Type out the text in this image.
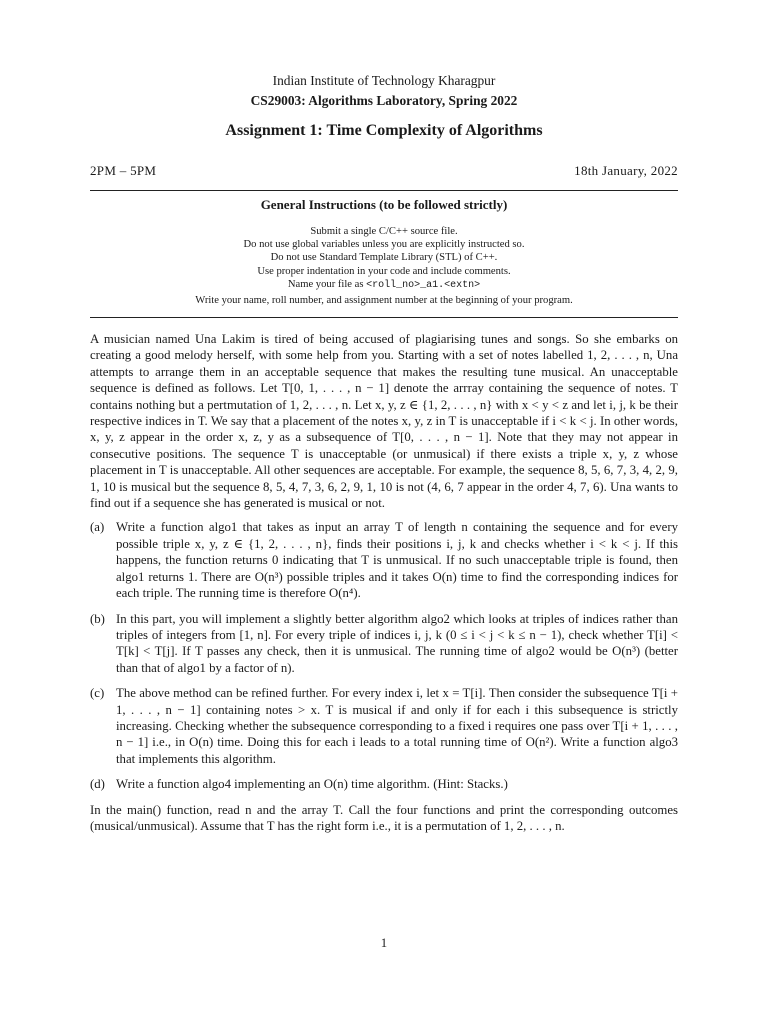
Indian Institute of Technology Kharagpur
CS29003: Algorithms Laboratory, Spring 2022
Assignment 1: Time Complexity of Algorithms
2PM – 5PM	18th January, 2022
General Instructions (to be followed strictly)
Submit a single C/C++ source file.
Do not use global variables unless you are explicitly instructed so.
Do not use Standard Template Library (STL) of C++.
Use proper indentation in your code and include comments.
Name your file as <roll_no>_a1.<extn>
Write your name, roll number, and assignment number at the beginning of your program.

A musician named Una Lakim is tired of being accused of plagiarising tunes and songs. So she embarks on creating a good melody herself, with some help from you. Starting with a set of notes labelled 1, 2, . . . , n, Una attempts to arrange them in an acceptable sequence that makes the resulting tune musical. An unacceptable sequence is defined as follows. Let T[0, 1, . . . , n − 1] denote the arrray containing the sequence of notes. T contains nothing but a pertmutation of 1, 2, . . . , n. Let x, y, z ∈ {1, 2, . . . , n} with x < y < z and let i, j, k be their respective indices in T. We say that a placement of the notes x, y, z in T is unacceptable if i < k < j. In other words, x, y, z appear in the order x, z, y as a subsequence of T[0, . . . , n − 1]. Note that they may not appear in consecutive positions. The sequence T is unacceptable (or unmusical) if there exists a triple x, y, z whose placement in T is unacceptable. All other sequences are acceptable. For example, the sequence 8, 5, 6, 7, 3, 4, 2, 9, 1, 10 is musical but the sequence 8, 5, 4, 7, 3, 6, 2, 9, 1, 10 is not (4, 6, 7 appear in the order 4, 7, 6). Una wants to find out if a sequence she has generated is musical or not.

(a) Write a function algo1 that takes as input an array T of length n containing the sequence and for every possible triple x, y, z ∈ {1, 2, . . . , n}, finds their positions i, j, k and checks whether i < k < j. If this happens, the function returns 0 indicating that T is unmusical. If no such unacceptable triple is found, then algo1 returns 1. There are O(n³) possible triples and it takes O(n) time to find the corresponding indices for each triple. The running time is therefore O(n⁴).
(b) In this part, you will implement a slightly better algorithm algo2 which looks at triples of indices rather than triples of integers from [1, n]. For every triple of indices i, j, k (0 ≤ i < j < k ≤ n − 1), check whether T[i] < T[k] < T[j]. If T passes any check, then it is unmusical. The running time of algo2 would be O(n³) (better than that of algo1 by a factor of n).
(c) The above method can be refined further. For every index i, let x = T[i]. Then consider the subsequence T[i + 1, . . . , n − 1] containing notes > x. T is musical if and only if for each i this subsequence is strictly increasing. Checking whether the subsequence corresponding to a fixed i requires one pass over T[i + 1, . . . , n − 1] i.e., in O(n) time. Doing this for each i leads to a total running time of O(n²). Write a function algo3 that implements this algorithm.
(d) Write a function algo4 implementing an O(n) time algorithm. (Hint: Stacks.)

In the main() function, read n and the array T. Call the four functions and print the corresponding outcomes (musical/unmusical). Assume that T has the right form i.e., it is a permutation of 1, 2, . . . , n.

1
